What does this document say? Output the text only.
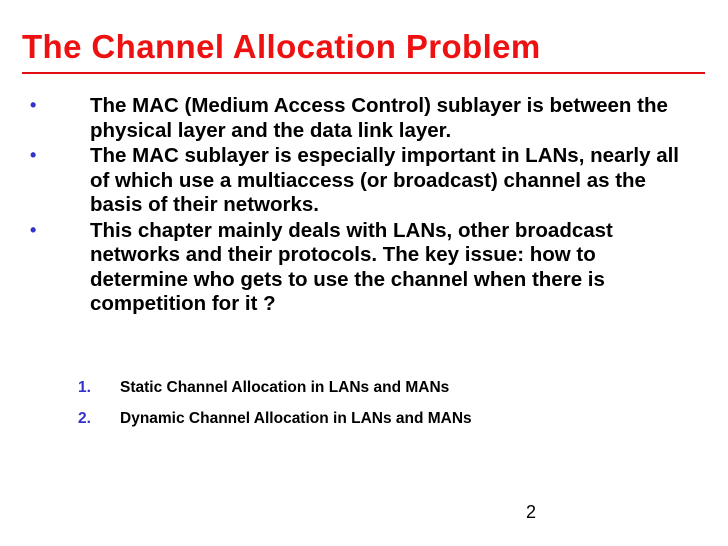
The Channel Allocation Problem
•	The MAC (Medium Access Control) sublayer is between the physical layer and the data link layer.
•	The MAC sublayer is especially important in LANs, nearly all of which use a multiaccess (or broadcast) channel as the basis of their networks.
•	This chapter mainly deals with LANs, other broadcast networks and their protocols. The key issue: how to determine who gets to use the channel when there is competition for it ?
1. Static Channel Allocation in LANs and MANs
2. Dynamic Channel Allocation in LANs and MANs
2
